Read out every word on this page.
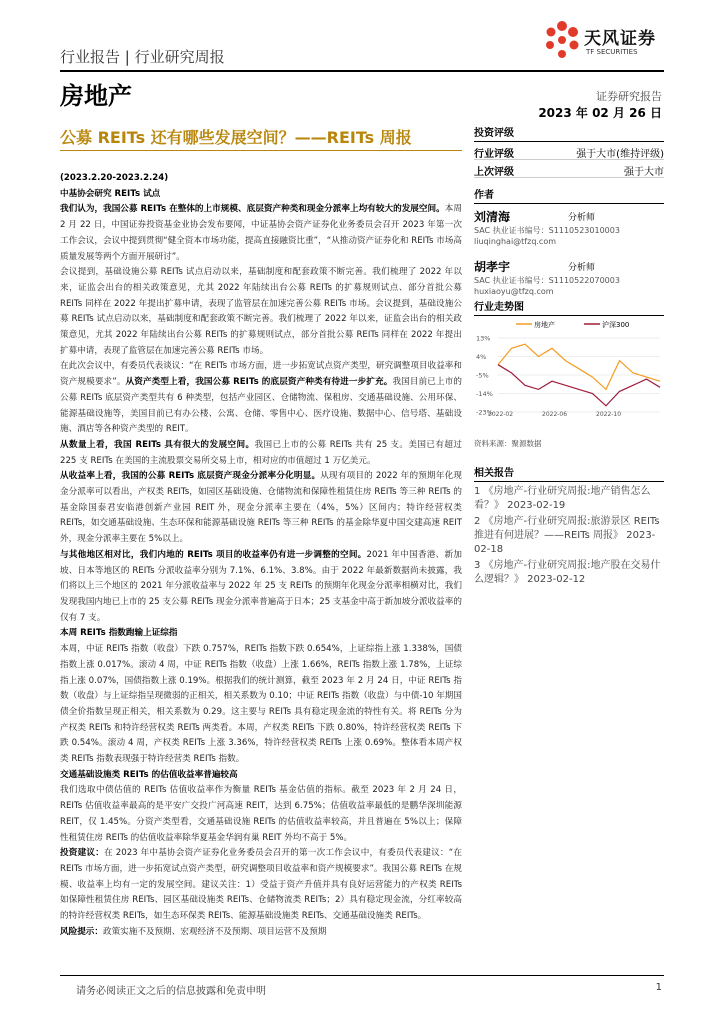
行业报告 | 行业研究周报
天风证券
TF SECURITIES
房地产	证券研究报告
2023 年 02 月 26 日
公募 REITs 还有哪些发展空间？——REITs 周报

(2023.2.20-2023.2.24)

中基协会研究 REITs 试点

我们认为，我国公募 REITs 在整体的上市规模、底层资产种类和现金分派率上均有较大的发展空间。本周 2 月 22 日，中国证券投资基金业协会发布要闻，中证基协会资产证券化业务委员会召开 2023 年第一次工作会议，会议中提到贯彻“健全资本市场功能，提高直接融资比重”，“从推动资产证券化和 REITs 市场高质量发展等两个方面开展研讨”。

会议提到，基础设施公募 REITs 试点启动以来，基础制度和配套政策不断完善。我们梳理了 2022 年以来，证监会出台的相关政策意见，尤其 2022 年陆续出台公募 REITs 的扩募规则试点、部分首批公募 REITs 同样在 2022 年提出扩募申请，表现了监管层在加速完善公募 REITs 市场。会议提到，基础设施公募 REITs 试点启动以来，基础制度和配套政策不断完善。我们梳理了 2022 年以来，证监会出台的相关政策意见，尤其 2022 年陆续出台公募 REITs 的扩募规则试点，部分首批公募 REITs 同样在 2022 年提出扩募申请，表现了监管层在加速完善公募 REITs 市场。

在此次会议中，有委员代表谈议：“在 REITs 市场方面，进一步拓宽试点资产类型，研究调整项目收益率和资产规模要求”。从资产类型上看，我国公募 REITs 的底层资产种类有待进一步扩充。我国目前已上市的公募 REITs 底层资产类型共有 6 种类型，包括产业园区、仓储物流、保租房、交通基础设施、公用环保、能源基础设施等，美国目前已有办公楼、公寓、仓储、零售中心、医疗设施、数据中心、信号塔、基础设施、酒店等各种资产类型的 REIT。

从数量上看，我国 REITs 具有很大的发展空间。我国已上市的公募 REITs 共有 25 支。美国已有超过 225 支 REITs 在美国的主流股票交易所交易上市，相对应的市值超过 1 万亿美元。

从收益率上看，我国的公募 REITs 底层资产现金分派率分化明显。从现有项目的 2022 年的预期年化现金分派率可以看出，产权类 REITs，如园区基础设施、仓储物流和保障性租赁住房 REITs 等三种 REITs 的基金除国泰君安临港创新产业园 REIT 外，现金分派率主要在（4%，5%）区间内；特许经营权类 REITs，如交通基础设施、生态环保和能源基础设施 REITs 等三种 REITs 的基金除华夏中国交建高速 REIT 外，现金分派率主要在 5%以上。

与其他地区相对比，我们内地的 REITs 项目的收益率仍有进一步调整的空间。2021 年中国香港、新加坡、日本等地区的 REITs 分派收益率分别为 7.1%、6.1%、3.8%。由于 2022 年最新数据尚未披露，我们将以上三个地区的 2021 年分派收益率与 2022 年 25 支 REITs 的预期年化现金分派率相横对比，我们发现我国内地已上市的 25 支公募 REITs 现金分派率普遍高于日本；25 支基金中高于新加坡分派收益率的仅有 7 支。

本周 REITs 指数跑输上证综指

本周，中证 REITs 指数（收盘）下跌 0.757%，REITs 指数下跌 0.654%，上证综指上涨 1.338%，国债指数上涨 0.017%。滚动 4 周，中证 REITs 指数（收盘）上涨 1.66%，REITs 指数上涨 1.78%，上证综指上涨 0.07%，国债指数上涨 0.19%。根据我们的统计测算，截至 2023 年 2 月 24 日，中证 REITs 指数（收盘）与上证综指呈现微弱的正相关，相关系数为 0.10；中证 REITs 指数（收盘）与中债-10 年期国债全价指数呈现正相关，相关系数为 0.29。这主要与 REITs 具有稳定现金流的特性有关。将 REITs 分为产权类 REITs 和特许经营权类 REITs 两类看。本周，产权类 REITs 下跌 0.80%，特许经营权类 REITs 下跌 0.54%。滚动 4 周，产权类 REITs 上涨 3.36%，特许经营权类 REITs 上涨 0.69%。整体看本周产权类 REITs 指数表现强于特许经营类 REITs 指数。

交通基础设施类 REITs 的估值收益率普遍较高

我们选取中债估值的 REITs 估值收益率作为衡量 REITs 基金估值的指标。截至 2023 年 2 月 24 日，REITs 估值收益率最高的是平安广交投广河高速 REIT，达到 6.75%；估值收益率最低的是鹏华深圳能源 REIT，仅 1.45%。分资产类型看，交通基础设施 REITs 的估值收益率较高，并且普遍在 5%以上；保障性租赁住房 REITs 的估值收益率除华夏基金华润有巢 REIT 外均不高于 5%。

投资建议：在 2023 年中基协会资产证券化业务委员会召开的第一次工作会议中，有委员代表建议：“在 REITs 市场方面，进一步拓宽试点资产类型，研究调整项目收益率和资产规模要求”。我国公募 REITs 在规模、收益率上均有一定的发展空间。建议关注：1）受益于资产升值并具有良好运营能力的产权类 REITs 如保障性租赁住房 REITs、园区基础设施类 REITs、仓储物流类 REITs；2）具有稳定现金流，分红率较高的特许经营权类 REITs，如生态环保类 REITs、能源基础设施类 REITs、交通基础设施类 REITs。

风险提示：政策实施不及预期、宏观经济不及预期、项目运营不及预期

投资评级
行业评级	强于大市(维持评级)
上次评级	强于大市
作者
刘清海	分析师
SAC 执业证书编号：S1110523010003
liuqinghai@tfzq.com
胡孝宇	分析师
SAC 执业证书编号：S1110522070003
huxiaoyu@tfzq.com
行业走势图
13%
4%
-5%
-14%
-23%
2022-02	2022-06	2022-10
房地产	沪深300
资料来源：聚源数据
相关报告
1 《房地产-行业研究周报:地产销售怎么看？》 2023-02-19
2 《房地产-行业研究周报:旅游景区 REITs 推进有何进展？——REITs 周报》 2023-02-18
3 《房地产-行业研究周报:地产股在交易什么逻辑？》 2023-02-12
请务必阅读正文之后的信息披露和免责申明	1
